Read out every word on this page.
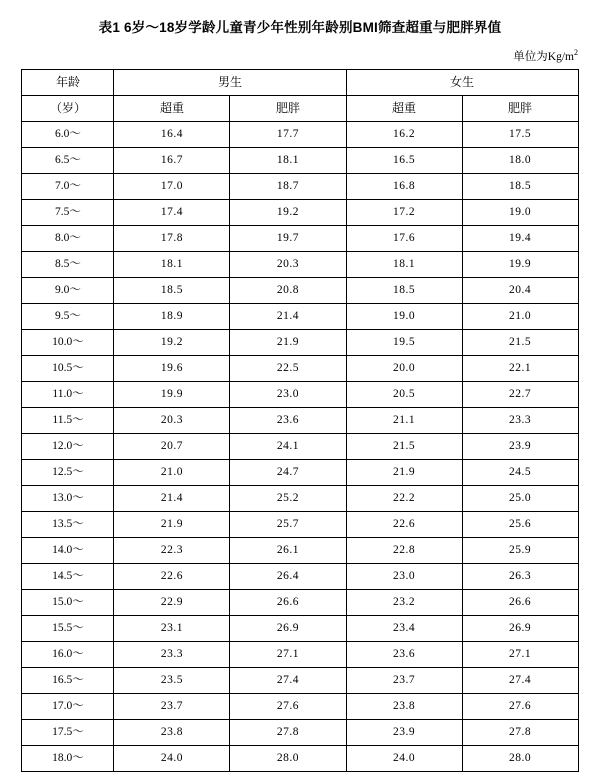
表1 6岁～18岁学龄儿童青少年性别年龄别BMI筛查超重与肥胖界值
单位为$Kg/m^2$
年龄	男生		女生	
（岁）	超重	肥胖	超重	肥胖
6.0～	16.4	17.7	16.2	17.5
6.5～	16.7	18.1	16.5	18.0
7.0～	17.0	18.7	16.8	18.5
7.5～	17.4	19.2	17.2	19.0
8.0～	17.8	19.7	17.6	19.4
8.5～	18.1	20.3	18.1	19.9
9.0～	18.5	20.8	18.5	20.4
9.5～	18.9	21.4	19.0	21.0
10.0～	19.2	21.9	19.5	21.5
10.5～	19.6	22.5	20.0	22.1
11.0～	19.9	23.0	20.5	22.7
11.5～	20.3	23.6	21.1	23.3
12.0～	20.7	24.1	21.5	23.9
12.5～	21.0	24.7	21.9	24.5
13.0～	21.4	25.2	22.2	25.0
13.5～	21.9	25.7	22.6	25.6
14.0～	22.3	26.1	22.8	25.9
14.5～	22.6	26.4	23.0	26.3
15.0～	22.9	26.6	23.2	26.6
15.5～	23.1	26.9	23.4	26.9
16.0～	23.3	27.1	23.6	27.1
16.5～	23.5	27.4	23.7	27.4
17.0～	23.7	27.6	23.8	27.6
17.5～	23.8	27.8	23.9	27.8
18.0～	24.0	28.0	24.0	28.0
